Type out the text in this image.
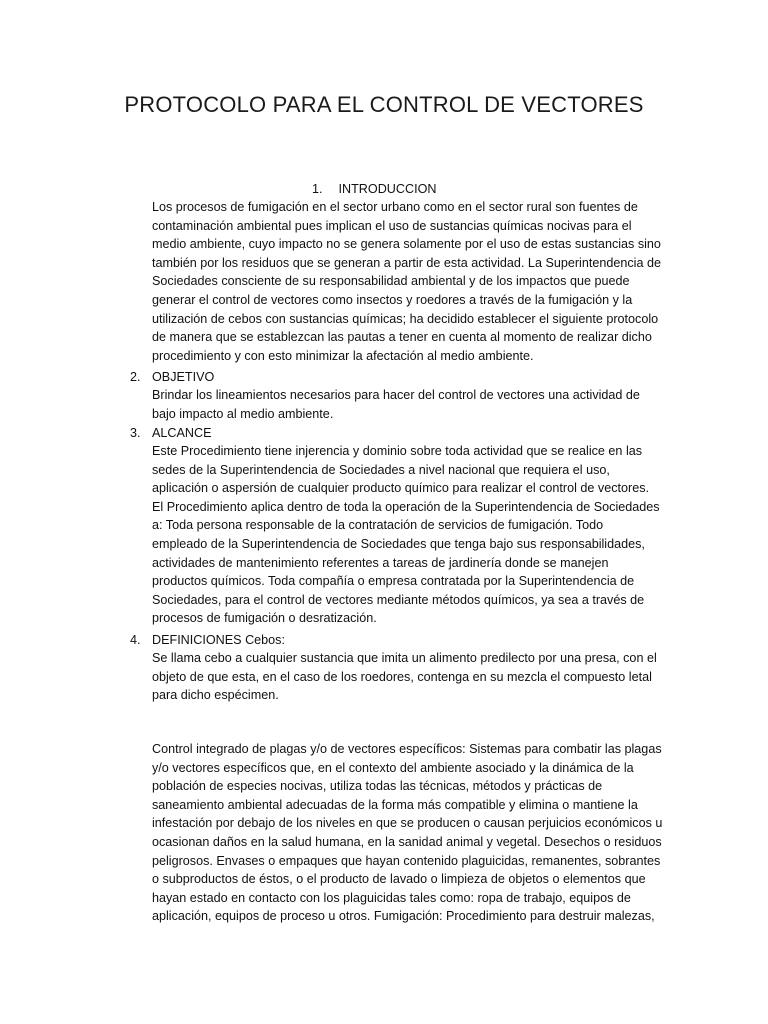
PROTOCOLO PARA EL CONTROL DE VECTORES
1. INTRODUCCION
Los procesos de fumigación en el sector urbano como en el sector rural son fuentes de
contaminación ambiental pues implican el uso de sustancias químicas nocivas para el
medio ambiente, cuyo impacto no se genera solamente por el uso de estas sustancias sino
también por los residuos que se generan a partir de esta actividad. La Superintendencia de
Sociedades consciente de su responsabilidad ambiental y de los impactos que puede
generar el control de vectores como insectos y roedores a través de la fumigación y la
utilización de cebos con sustancias químicas; ha decidido establecer el siguiente protocolo
de manera que se establezcan las pautas a tener en cuenta al momento de realizar dicho
procedimiento y con esto minimizar la afectación al medio ambiente.
2. OBJETIVO
Brindar los lineamientos necesarios para hacer del control de vectores una actividad de
bajo impacto al medio ambiente.
3. ALCANCE
Este Procedimiento tiene injerencia y dominio sobre toda actividad que se realice en las
sedes de la Superintendencia de Sociedades a nivel nacional que requiera el uso,
aplicación o aspersión de cualquier producto químico para realizar el control de vectores.
El Procedimiento aplica dentro de toda la operación de la Superintendencia de Sociedades
a: Toda persona responsable de la contratación de servicios de fumigación. Todo
empleado de la Superintendencia de Sociedades que tenga bajo sus responsabilidades,
actividades de mantenimiento referentes a tareas de jardinería donde se manejen
productos químicos. Toda compañía o empresa contratada por la Superintendencia de
Sociedades, para el control de vectores mediante métodos químicos, ya sea a través de
procesos de fumigación o desratización.
4. DEFINICIONES Cebos:
Se llama cebo a cualquier sustancia que imita un alimento predilecto por una presa, con el
objeto de que esta, en el caso de los roedores, contenga en su mezcla el compuesto letal
para dicho espécimen.
Control integrado de plagas y/o de vectores específicos: Sistemas para combatir las plagas
y/o vectores específicos que, en el contexto del ambiente asociado y la dinámica de la
población de especies nocivas, utiliza todas las técnicas, métodos y prácticas de
saneamiento ambiental adecuadas de la forma más compatible y elimina o mantiene la
infestación por debajo de los niveles en que se producen o causan perjuicios económicos u
ocasionan daños en la salud humana, en la sanidad animal y vegetal. Desechos o residuos
peligrosos. Envases o empaques que hayan contenido plaguicidas, remanentes, sobrantes
o subproductos de éstos, o el producto de lavado o limpieza de objetos o elementos que
hayan estado en contacto con los plaguicidas tales como: ropa de trabajo, equipos de
aplicación, equipos de proceso u otros. Fumigación: Procedimiento para destruir malezas,
